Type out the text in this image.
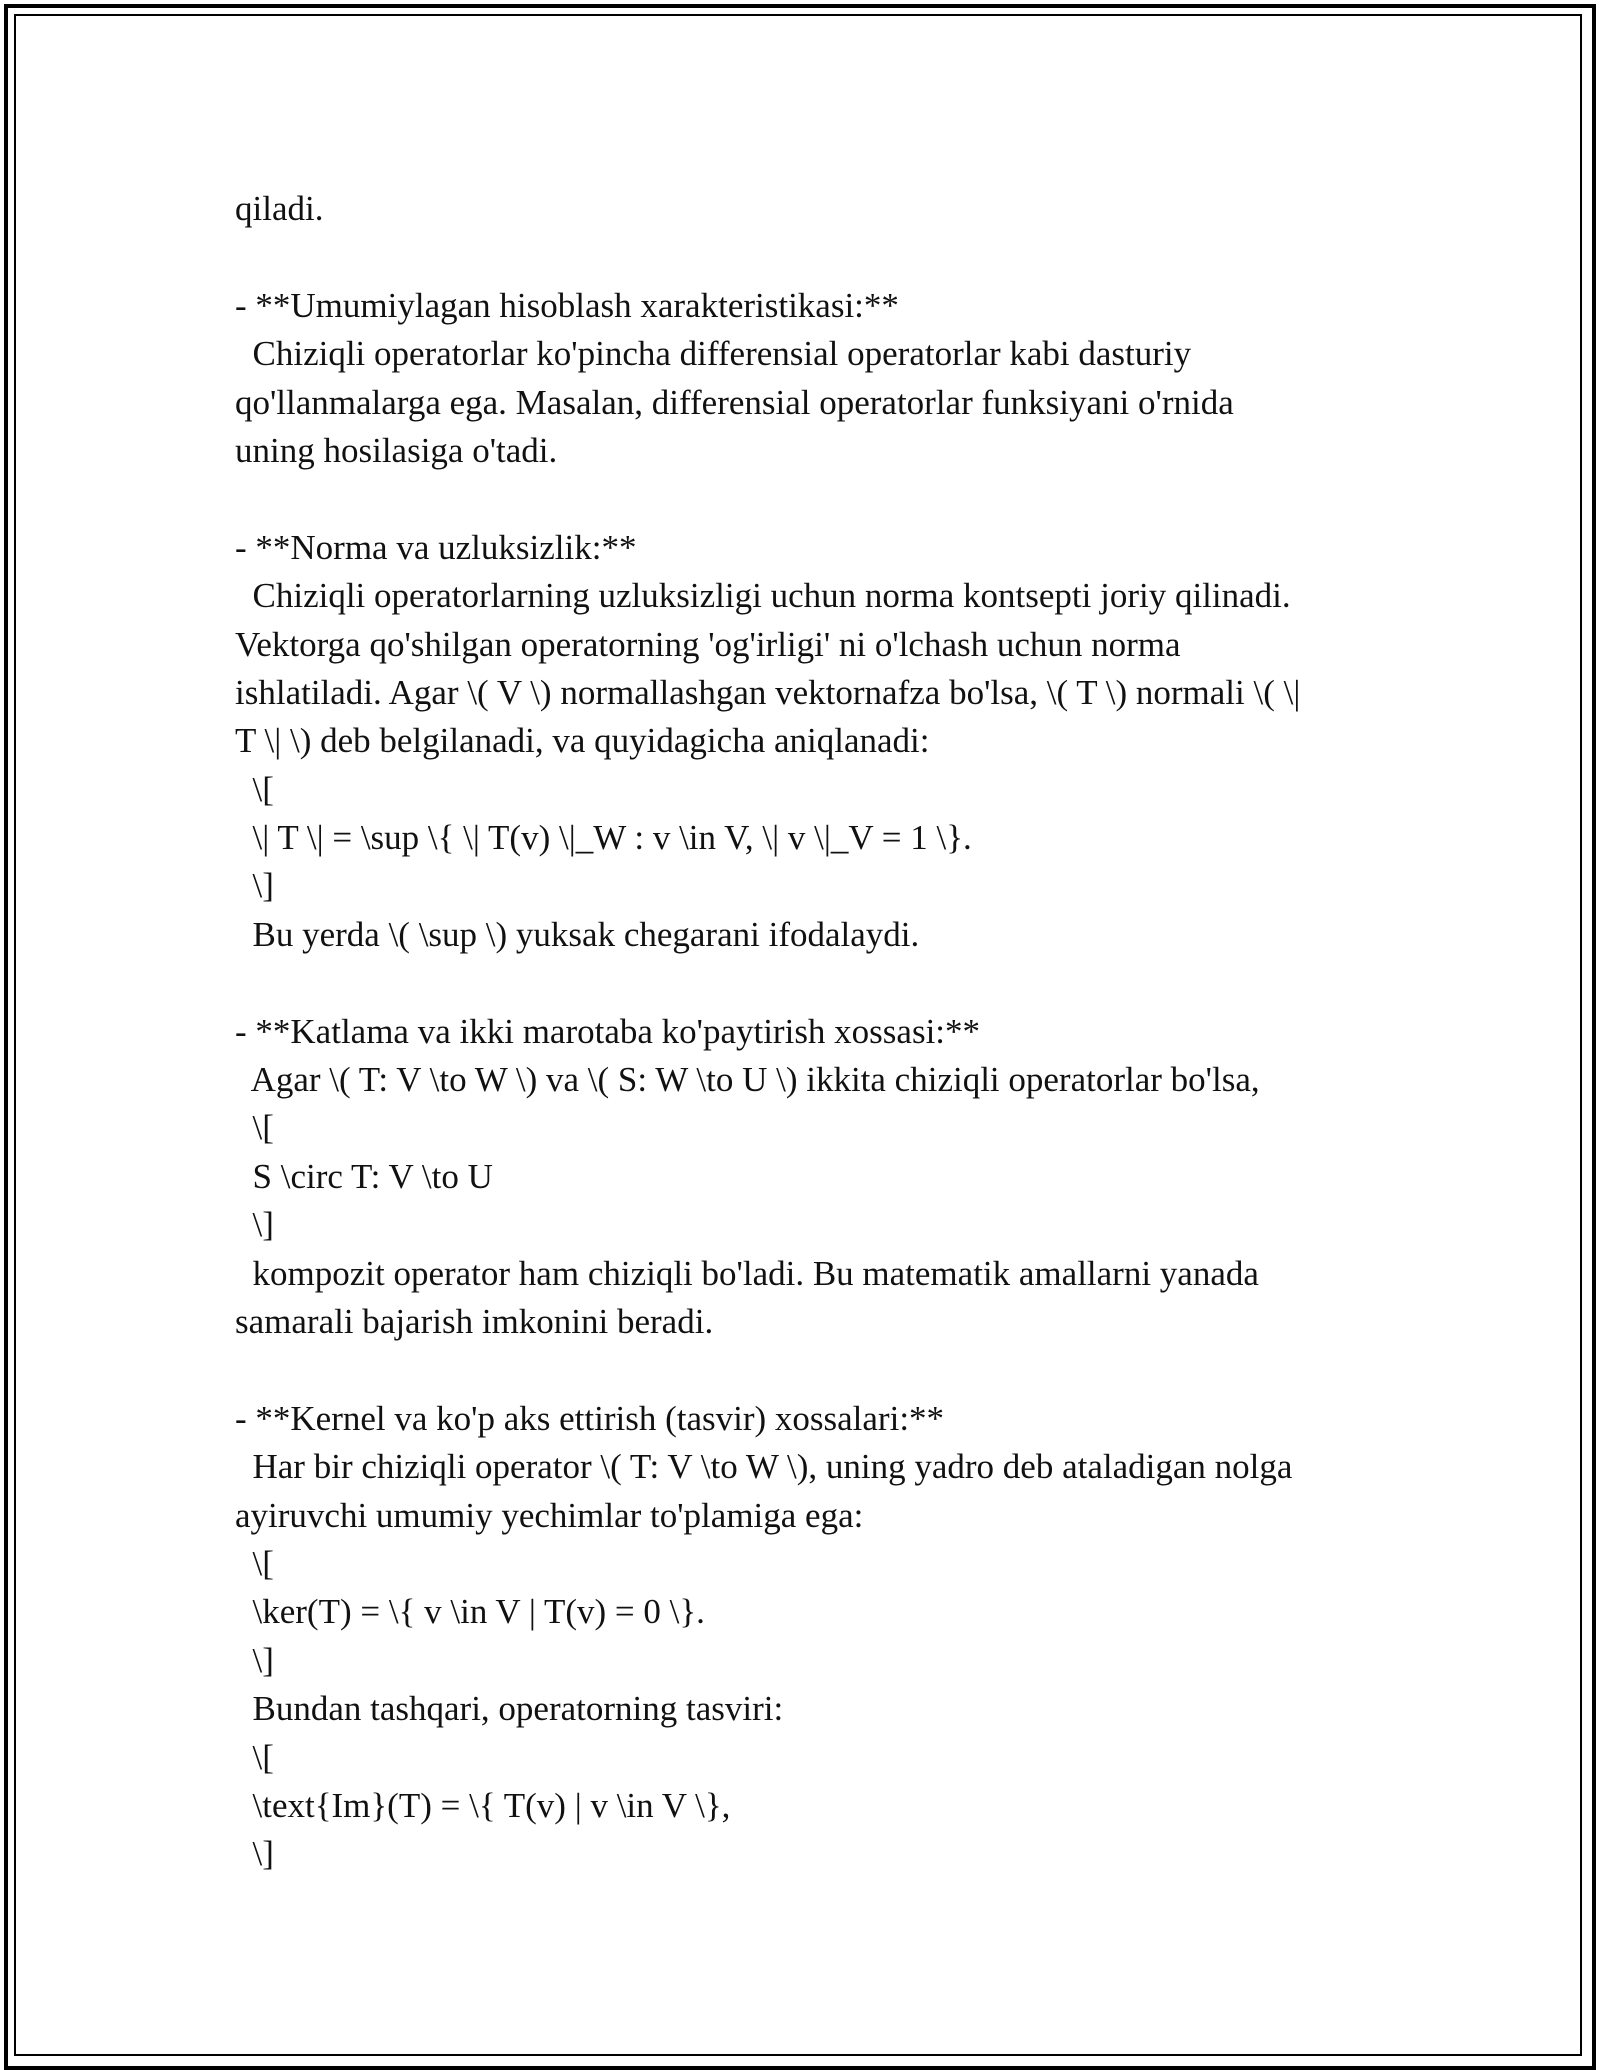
qiladi.
- **Umumiylagan hisoblash xarakteristikasi:**
Chiziqli operatorlar ko'pincha differensial operatorlar kabi dasturiy
qo'llanmalarga ega. Masalan, differensial operatorlar funksiyani o'rnida
uning hosilasiga o'tadi.
- **Norma va uzluksizlik:**
Chiziqli operatorlarning uzluksizligi uchun norma kontsepti joriy qilinadi.
Vektorga qo'shilgan operatorning 'og'irligi' ni o'lchash uchun norma
ishlatiladi. Agar \( V \) normallashgan vektornafza bo'lsa, \( T \) normali \( \|
T \| \) deb belgilanadi, va quyidagicha aniqlanadi:
\[
\| T \| = \sup \{ \| T(v) \|_W : v \in V, \| v \|_V = 1 \}.
\]
Bu yerda \( \sup \) yuksak chegarani ifodalaydi.
- **Katlama va ikki marotaba ko'paytirish xossasi:**
Agar \( T: V \to W \) va \( S: W \to U \) ikkita chiziqli operatorlar bo'lsa,
\[
S \circ T: V \to U
\]
kompozit operator ham chiziqli bo'ladi. Bu matematik amallarni yanada
samarali bajarish imkonini beradi.
- **Kernel va ko'p aks ettirish (tasvir) xossalari:**
Har bir chiziqli operator \( T: V \to W \), uning yadro deb ataladigan nolga
ayiruvchi umumiy yechimlar to'plamiga ega:
\[
\ker(T) = \{ v \in V | T(v) = 0 \}.
\]
Bundan tashqari, operatorning tasviri:
\[
\text{Im}(T) = \{ T(v) | v \in V \},
\]
